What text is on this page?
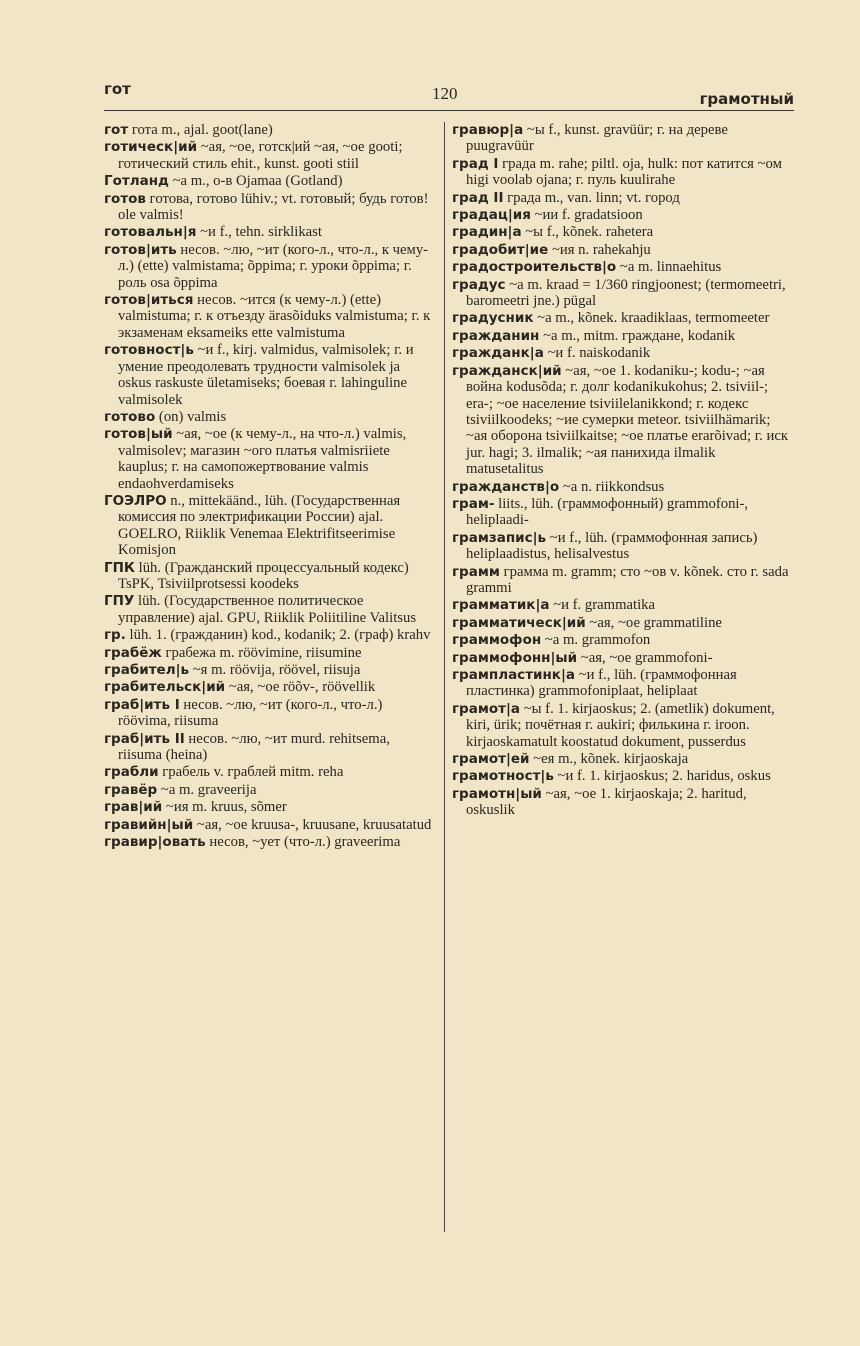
гот	120	грамотный
гот гота m., ajal. goot(lane)
готическ|ий ~ая, ~ое, готск|ий ~ая, ~ое gooti; готический стиль ehit., kunst. gooti stiil
Готланд ~а m., о-в Ojamaa (Gotland)
готов готова, готово lühiv.; vt. готовый; будь готов! ole valmis!
готовальн|я ~и f., tehn. sirklikast
готов|ить несов. ~лю, ~ит (кого-л., что-л., к чему-л.) (ette) valmistama; õppima; г. уроки õppima; г. роль osa õppima
готов|иться несов. ~ится (к чему-л.) (ette) valmistuma; г. к отъезду ärasõiduks valmistuma; г. к экзаменам eksameiks ette valmistuma
готовност|ь ~и f., kirj. valmidus, valmisolek; г. и умение преодолевать трудности valmisolek ja oskus raskuste ületamiseks; боевая г. lahinguline valmisolek
готово (on) valmis
готов|ый ~ая, ~ое (к чему-л., на что-л.) valmis, valmisolev; магазин ~ого платья valmisriiete kauplus; г. на самопожертвование valmis endaohverdamiseks
ГОЭЛРО n., mittekäänd., lüh. (Государственная комиссия по электрификации России) ajal. GOELRO, Riiklik Venemaa Elektrifitseerimise Komisjon
ГПК lüh. (Гражданский процессуальный кодекс) TsPK, Tsiviilprotsessi koodeks
ГПУ lüh. (Государственное политическое управление) ajal. GPU, Riiklik Poliitiline Valitsus
гр. lüh. 1. (гражданин) kod., kodanik; 2. (граф) krahv
грабёж грабежа m. röövimine, riisumine
грабител|ь ~я m. röövija, röövel, riisuja
грабительск|ий ~ая, ~ое röõv-, röövellik
граб|ить I несов. ~лю, ~ит (кого-л., что-л.) röövima, riisuma
граб|ить II несов. ~лю, ~ит murd. rehitsema, riisuma (heina)
грабли грабель v. граблей mitm. reha
гравёр ~а m. graveerija
грав|ий ~ия m. kruus, sõmer
гравийн|ый ~ая, ~ое kruusa-, kruusane, kruusatatud
гравир|овать несов, ~ует (что-л.) graveerima
гравюр|а ~ы f., kunst. gravüür; г. на дереве puugravüür
град I града m. rahe; piltl. oja, hulk: пот катится ~ом higi voolab ojana; г. пуль kuulirahe
град II града m., van. linn; vt. город
градац|ия ~ии f. gradatsioon
градин|а ~ы f., kõnek. rahetera
градобит|ие ~ия n. rahekahju
градостроительств|о ~а m. linnaehitus
градус ~а m. kraad = 1/360 ringjoonest; (termomeetri, baromeetri jne.) pügal
градусник ~а m., kõnek. kraadiklaas, termomeeter
гражданин ~а m., mitm. граждане, kodanik
гражданк|а ~и f. naiskodanik
гражданск|ий ~ая, ~ое 1. kodaniku-; kodu-; ~ая война kodusõda; г. долг kodanikukohus; 2. tsiviil-; era-; ~ое население tsiviilelanikkond; г. кодекс tsiviilkoodeks; ~ие сумерки meteor. tsiviilhämarik; ~ая оборона tsiviilkaitse; ~ое платье erarõivad; г. иск jur. hagi; 3. ilmalik; ~ая панихида ilmalik matusetalitus
гражданств|о ~а n. riikkondsus
грам- liits., lüh. (граммофонный) grammofoni-, heliplaadi-
грамзапис|ь ~и f., lüh. (граммофонная запись) heliplaadistus, helisalvestus
грамм грамма m. gramm; сто ~ов v. kõnek. сто г. sada grammi
грамматик|а ~и f. grammatika
грамматическ|ий ~ая, ~ое grammatiline
граммофон ~а m. grammofon
граммофонн|ый ~ая, ~ое grammofoni-
грампластинк|а ~и f., lüh. (граммофонная пластинка) grammofoniplaat, heliplaat
грамот|а ~ы f. 1. kirjaoskus; 2. (ametlik) dokument, kiri, ürik; почётная г. aukiri; филькина г. iroon. kirjaoskamatult koostatud dokument, pusserdus
грамот|ей ~ея m., kõnek. kirjaoskaja
грамотност|ь ~и f. 1. kirjaoskus; 2. haridus, oskus
грамотн|ый ~ая, ~ое 1. kirjaoskaja; 2. haritud, oskuslik
